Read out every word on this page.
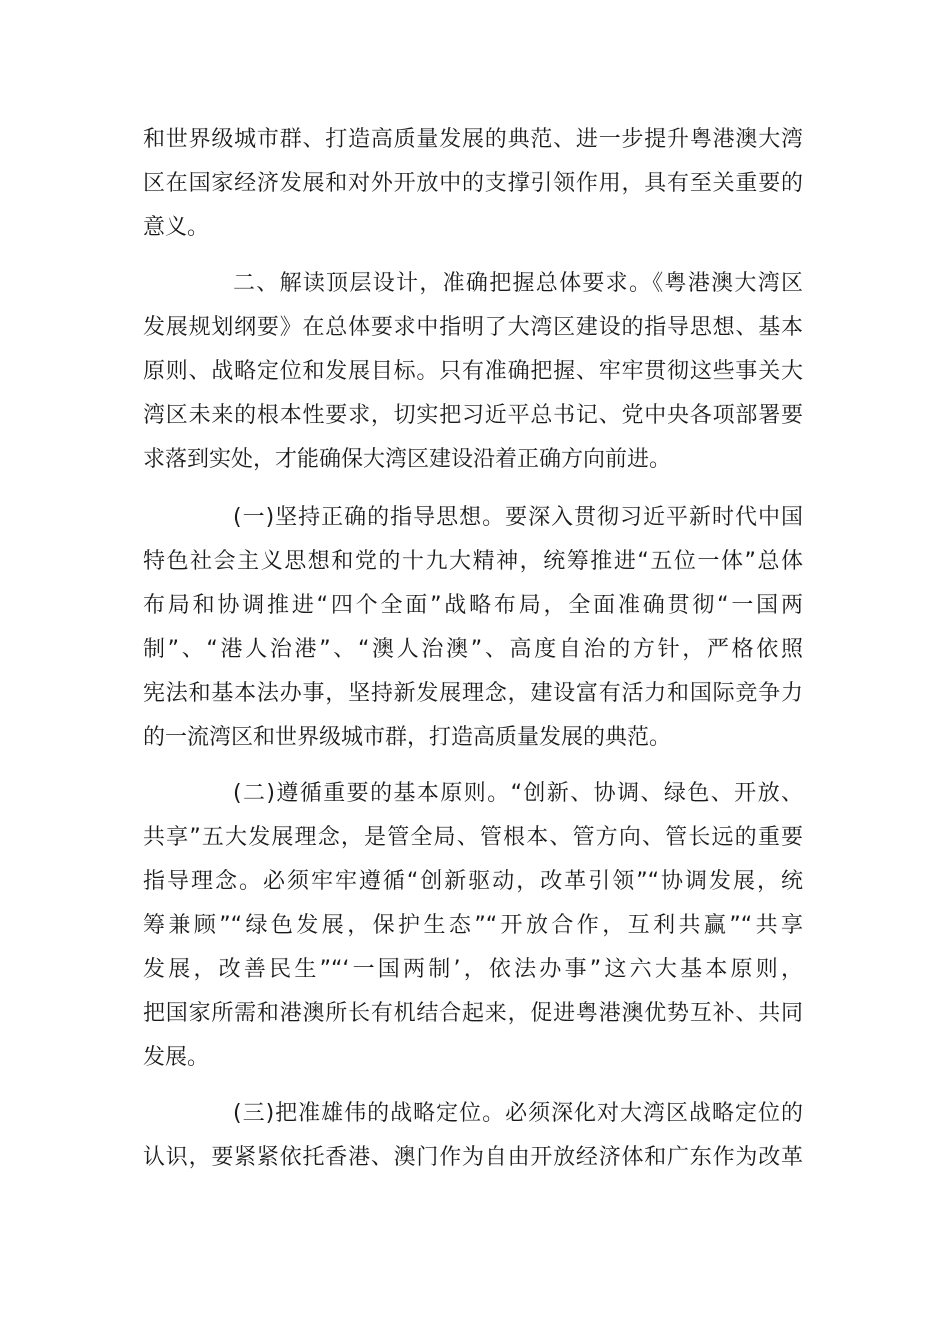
和世界级城市群、打造高质量发展的典范、进一步提升粤港澳大湾
区在国家经济发展和对外开放中的支撑引领作用，具有至关重要的
意义。
二、解读顶层设计，准确把握总体要求。《粤港澳大湾区
发展规划纲要》在总体要求中指明了大湾区建设的指导思想、基本
原则、战略定位和发展目标。只有准确把握、牢牢贯彻这些事关大
湾区未来的根本性要求，切实把习近平总书记、党中央各项部署要
求落到实处，才能确保大湾区建设沿着正确方向前进。
(一)坚持正确的指导思想。要深入贯彻习近平新时代中国
特色社会主义思想和党的十九大精神，统筹推进“五位一体”总体
布局和协调推进“四个全面”战略布局，全面准确贯彻“一国两
制”、“港人治港”、“澳人治澳”、高度自治的方针，严格依照
宪法和基本法办事，坚持新发展理念，建设富有活力和国际竞争力
的一流湾区和世界级城市群，打造高质量发展的典范。
(二)遵循重要的基本原则。“创新、协调、绿色、开放、
共享”五大发展理念，是管全局、管根本、管方向、管长远的重要
指导理念。必须牢牢遵循“创新驱动，改革引领”“协调发展，统
筹兼顾”“绿色发展，保护生态”“开放合作，互利共赢”“共享
发展，改善民生”“‘一国两制’，依法办事”这六大基本原则，
把国家所需和港澳所长有机结合起来，促进粤港澳优势互补、共同
发展。
(三)把准雄伟的战略定位。必须深化对大湾区战略定位的
认识，要紧紧依托香港、澳门作为自由开放经济体和广东作为改革
